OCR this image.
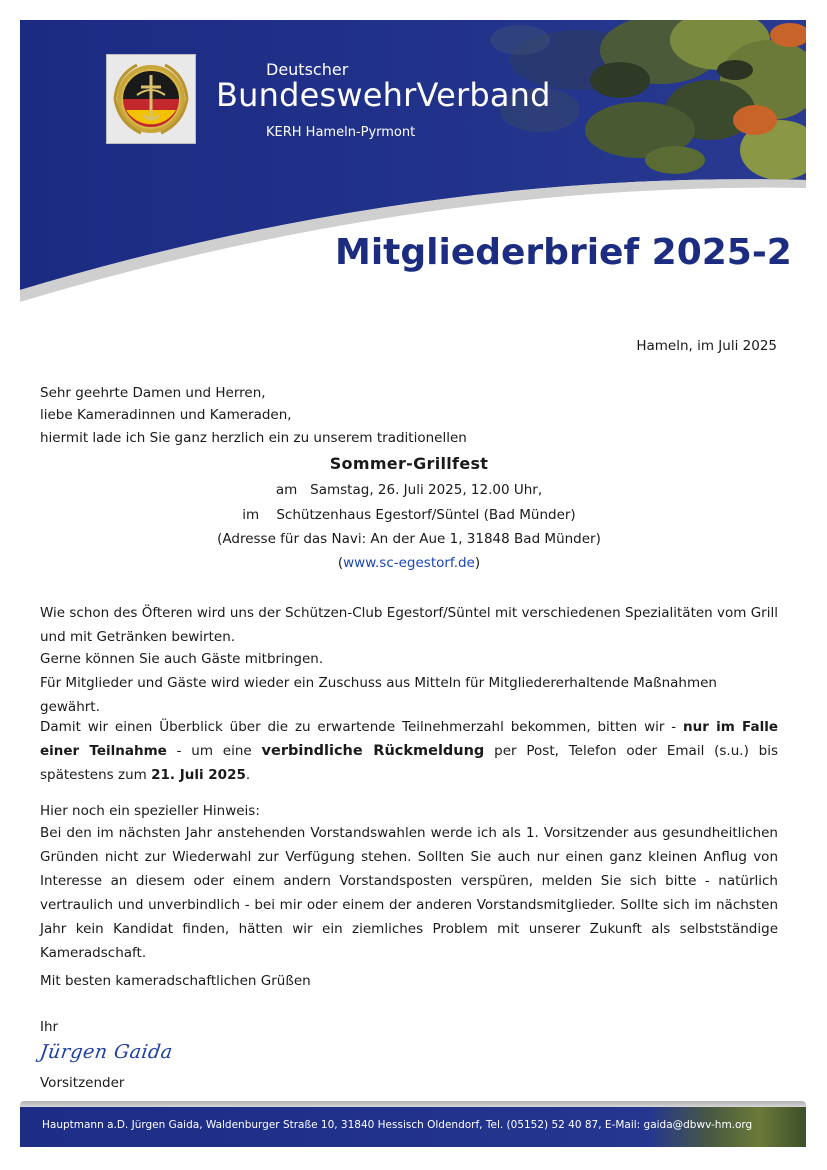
Deutscher
BundeswehrVerband
KERH Hameln-Pyrmont
Mitgliederbrief 2025-2
Hameln, im Juli 2025
Sehr geehrte Damen und Herren,
liebe Kameradinnen und Kameraden,
hiermit lade ich Sie ganz herzlich ein zu unserem traditionellen
Sommer-Grillfest
am Samstag, 26. Juli 2025, 12.00 Uhr,
im Schützenhaus Egestorf/Süntel (Bad Münder)
(Adresse für das Navi: An der Aue 1, 31848 Bad Münder)
(www.sc-egestorf.de)
Wie schon des Öfteren wird uns der Schützen-Club Egestorf/Süntel mit verschiedenen Spezialitäten vom Grill und mit Getränken bewirten.
Gerne können Sie auch Gäste mitbringen.
Für Mitglieder und Gäste wird wieder ein Zuschuss aus Mitteln für Mitgliedererhaltende Maßnahmen gewährt.
Damit wir einen Überblick über die zu erwartende Teilnehmerzahl bekommen, bitten wir - nur im Falle einer Teilnahme - um eine verbindliche Rückmeldung per Post, Telefon oder Email (s.u.) bis spätestens zum 21. Juli 2025.
Hier noch ein spezieller Hinweis:
Bei den im nächsten Jahr anstehenden Vorstandswahlen werde ich als 1. Vorsitzender aus gesundheitlichen Gründen nicht zur Wiederwahl zur Verfügung stehen. Sollten Sie auch nur einen ganz kleinen Anflug von Interesse an diesem oder einem andern Vorstandsposten verspüren, melden Sie sich bitte - natürlich vertraulich und unverbindlich - bei mir oder einem der anderen Vorstandsmitglieder. Sollte sich im nächsten Jahr kein Kandidat finden, hätten wir ein ziemliches Problem mit unserer Zukunft als selbstständige Kameradschaft.
Mit besten kameradschaftlichen Grüßen
Ihr
Jürgen Gaida
Vorsitzender
Hauptmann a.D. Jürgen Gaida, Waldenburger Straße 10, 31840 Hessisch Oldendorf, Tel. (05152) 52 40 87, E-Mail: gaida@dbwv-hm.org
